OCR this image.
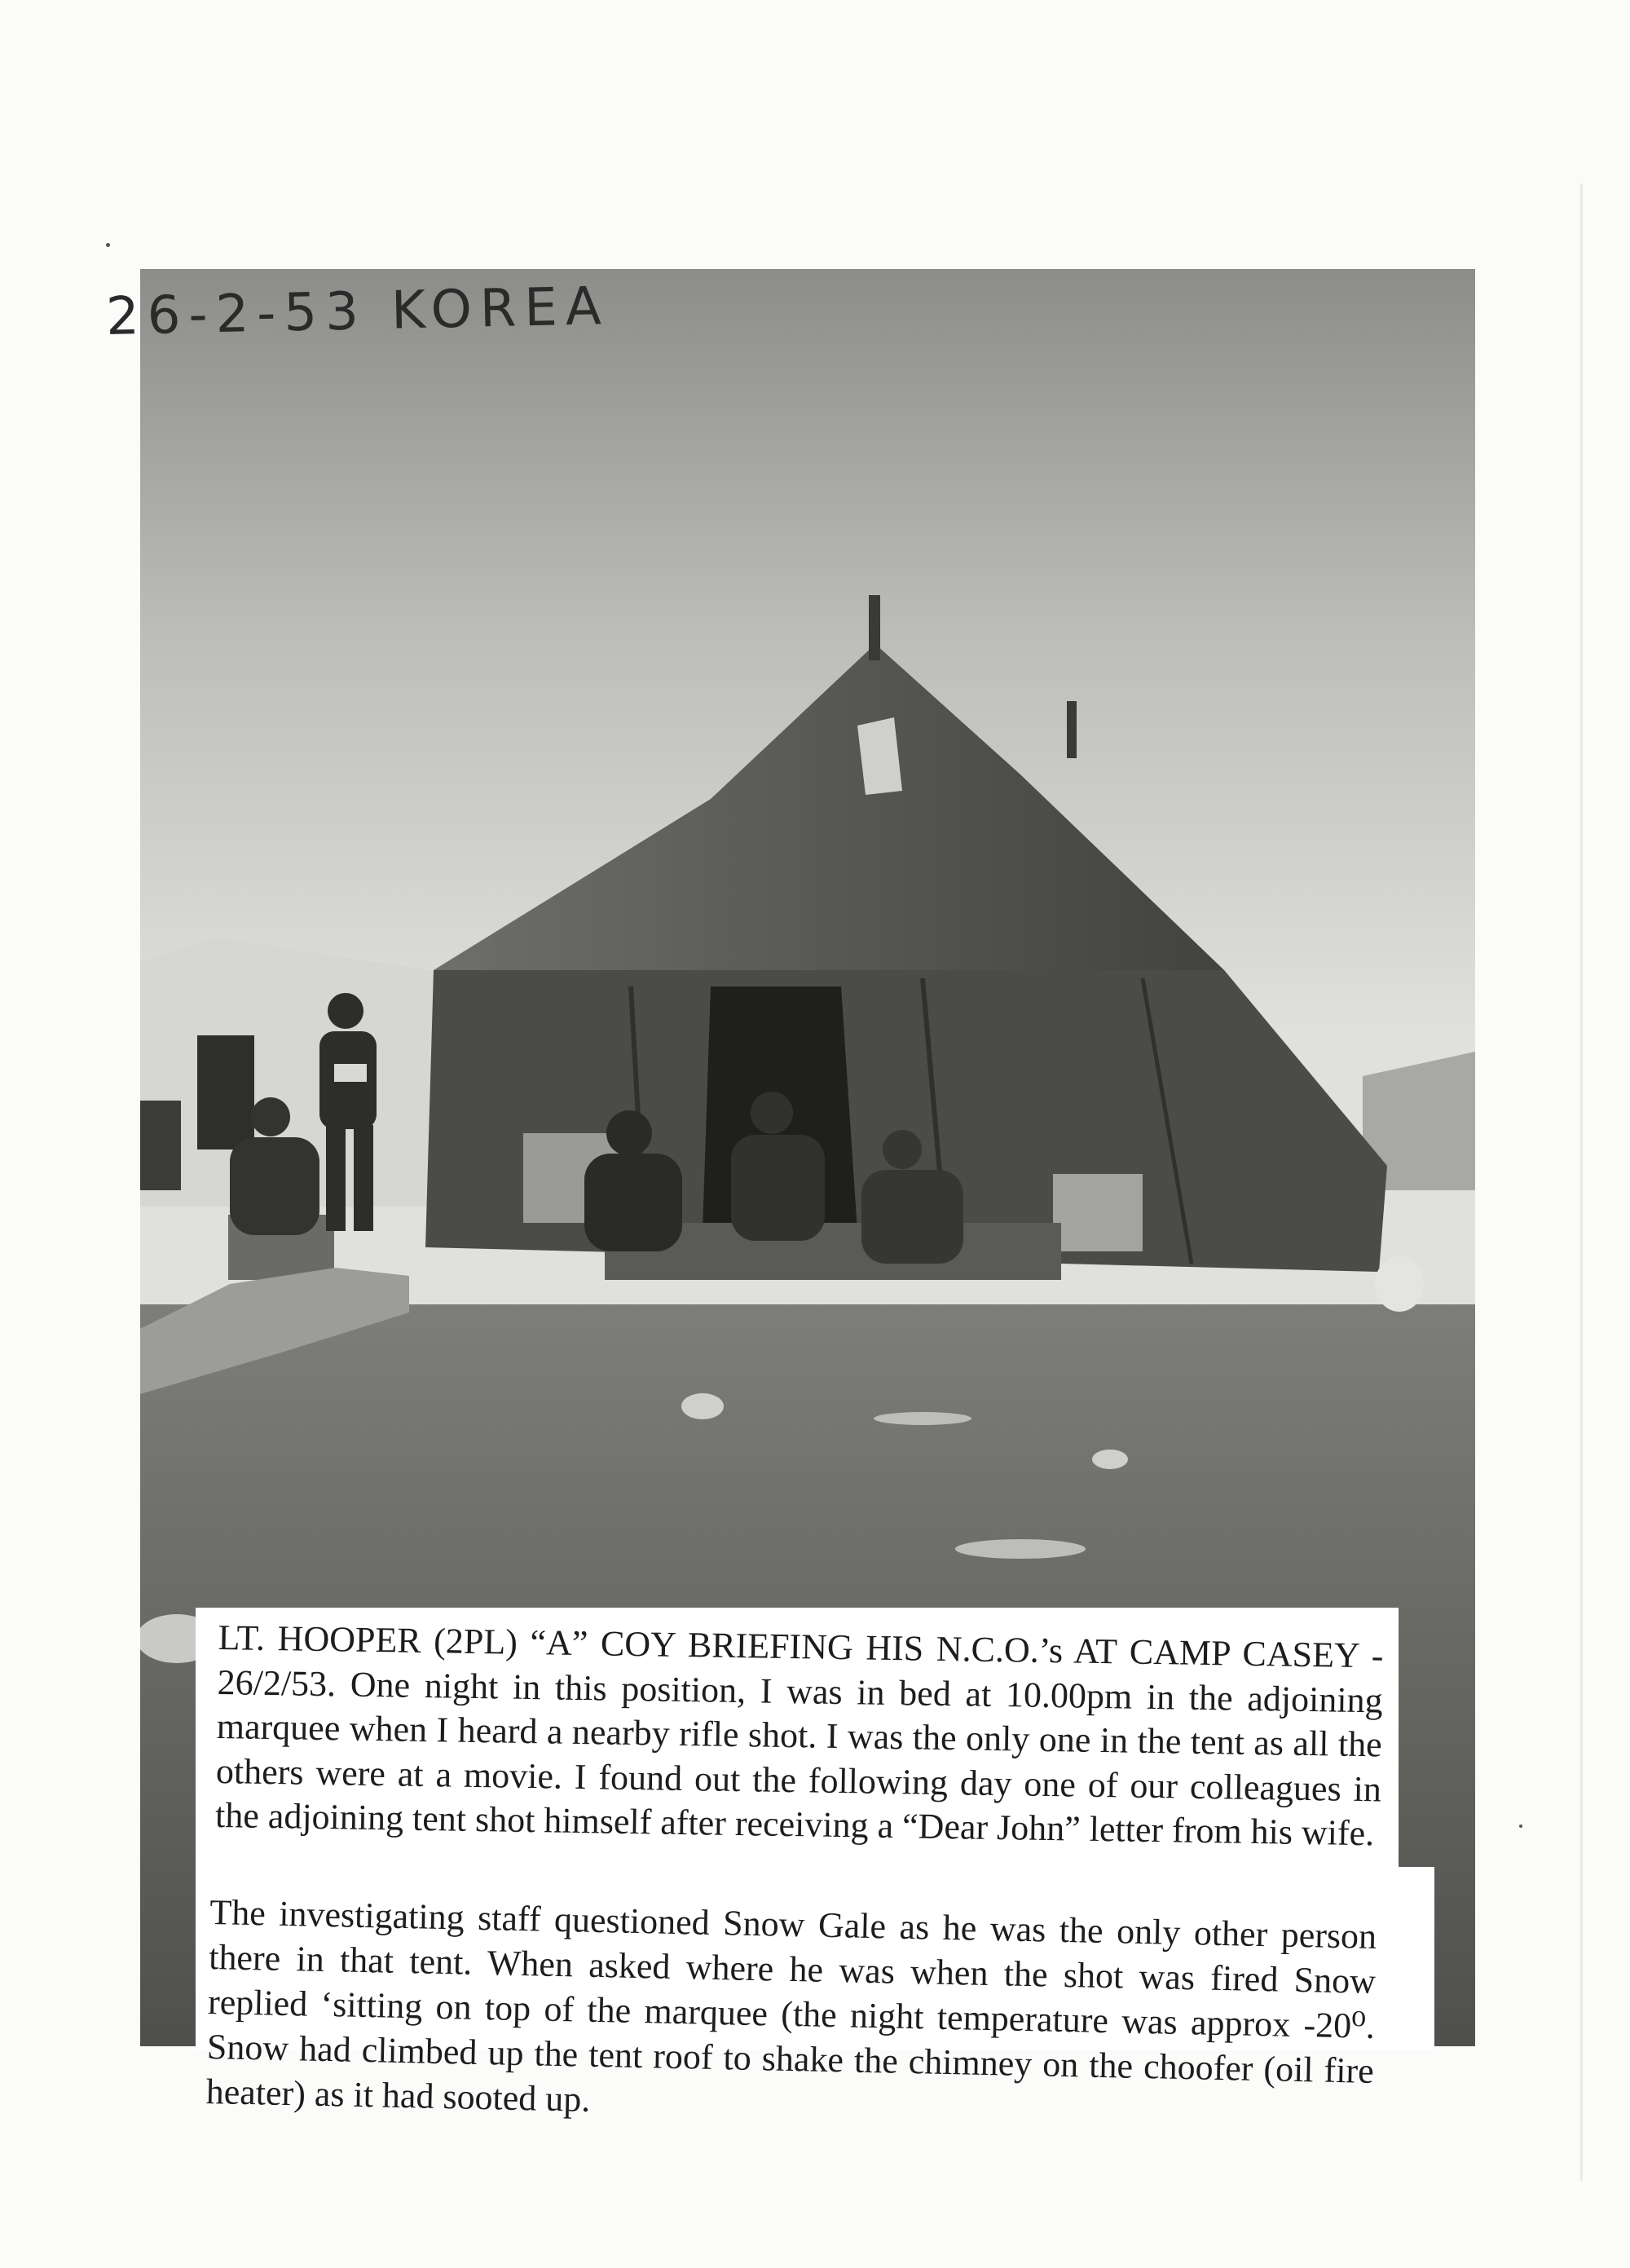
26-2-53 KOREA

LT. HOOPER (2PL) “A” COY BRIEFING HIS N.C.O.’s AT CAMP CASEY - 26/2/53. One night in this position, I was in bed at 10.00pm in the adjoining marquee when I heard a nearby rifle shot. I was the only one in the tent as all the others were at a movie. I found out the following day one of our colleagues in the adjoining tent shot himself after receiving a “Dear John” letter from his wife.

The investigating staff questioned Snow Gale as he was the only other person there in that tent. When asked where he was when the shot was fired Snow replied ‘sitting on top of the marquee (the night temperature was approx -20⁰. Snow had climbed up the tent roof to shake the chimney on the choofer (oil fire heater) as it had sooted up.
